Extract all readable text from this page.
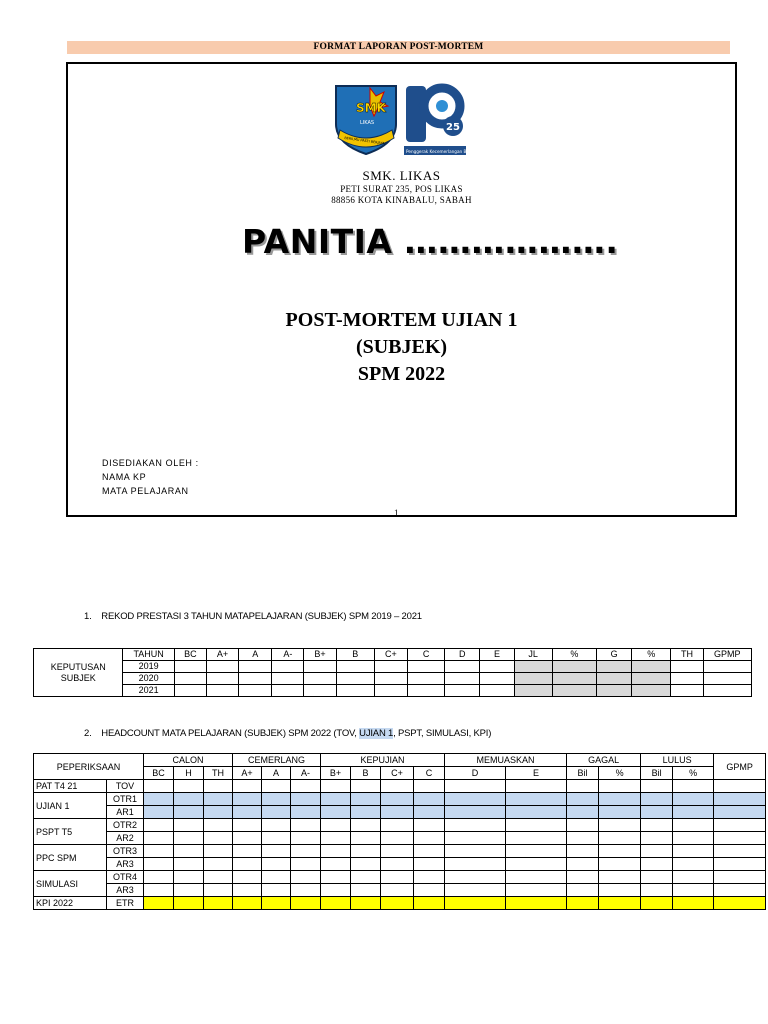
FORMAT LAPORAN POST-MORTEM
SMK
LIKAS
BERILMU PASTI BERJAYA
25
Penggerak Kecemerlangan Bersama
SMK. LIKAS
PETI SURAT 235, POS LIKAS
88856 KOTA KINABALU, SABAH
PANITIA ……………….
POST-MORTEM UJIAN 1
(SUBJEK)
SPM 2022
DISEDIAKAN OLEH :
NAMA KP
MATA PELAJARAN
1
1. REKOD PRESTASI 3 TAHUN MATAPELAJARAN (SUBJEK) SPM 2019 – 2021
KEPUTUSAN
SUBJEK	TAHUN	BC	A+	A	A-	B+	B	C+	C	D	E	JL	%	G	%	TH	GPMP
	2019																
	2020																
	2021																
2. HEADCOUNT MATA PELAJARAN (SUBJEK) SPM 2022 (TOV, UJIAN 1, PSPT, SIMULASI, KPI)
PEPERIKSAAN		CALON			CEMERLANG			KEPUJIAN				MEMUASKAN		GAGAL		LULUS		GPMP
		BC	H	TH	A+	A	A-	B+	B	C+	C	D	E	Bil	%	Bil	%	
PAT T4 21	TOV																	
UJIAN 1	OTR1																	
	AR1																	
PSPT T5	OTR2																	
	AR2																	
PPC SPM	OTR3																	
	AR3																	
SIMULASI	OTR4																	
	AR3																	
KPI 2022	ETR																	
